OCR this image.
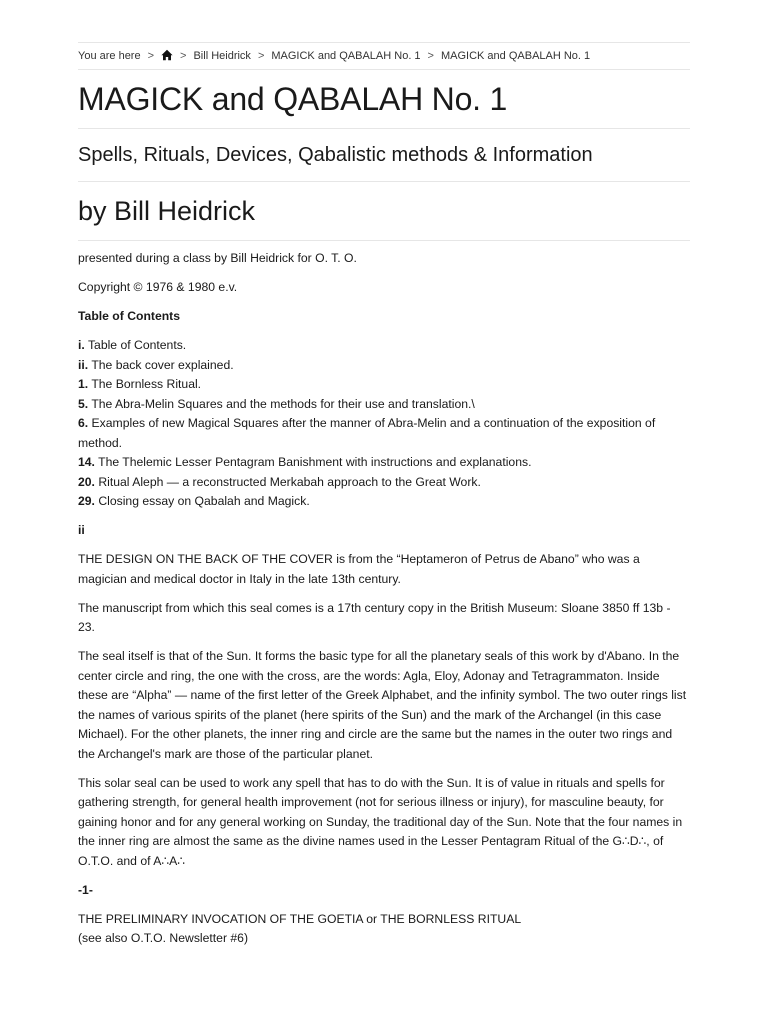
You are here > > Bill Heidrick > MAGICK and QABALAH No. 1 > MAGICK and QABALAH No. 1
MAGICK and QABALAH No. 1
Spells, Rituals, Devices, Qabalistic methods & Information
by Bill Heidrick

presented during a class by Bill Heidrick for O. T. O.

Copyright © 1976 & 1980 e.v.

Table of Contents

i. Table of Contents.
ii. The back cover explained.
1. The Bornless Ritual.
5. The Abra-Melin Squares and the methods for their use and translation.\
6. Examples of new Magical Squares after the manner of Abra-Melin and a continuation of the exposition of method.
14. The Thelemic Lesser Pentagram Banishment with instructions and explanations.
20. Ritual Aleph — a reconstructed Merkabah approach to the Great Work.
29. Closing essay on Qabalah and Magick.

ii

THE DESIGN ON THE BACK OF THE COVER is from the “Heptameron of Petrus de Abano” who was a magician and medical doctor in Italy in the late 13th century.

The manuscript from which this seal comes is a 17th century copy in the British Museum: Sloane 3850 ff 13b - 23.

The seal itself is that of the Sun. It forms the basic type for all the planetary seals of this work by d'Abano. In the center circle and ring, the one with the cross, are the words: Agla, Eloy, Adonay and Tetragrammaton. Inside these are “Alpha” — name of the first letter of the Greek Alphabet, and the infinity symbol. The two outer rings list the names of various spirits of the planet (here spirits of the Sun) and the mark of the Archangel (in this case Michael). For the other planets, the inner ring and circle are the same but the names in the outer two rings and the Archangel's mark are those of the particular planet.

This solar seal can be used to work any spell that has to do with the Sun. It is of value in rituals and spells for gathering strength, for general health improvement (not for serious illness or injury), for masculine beauty, for gaining honor and for any general working on Sunday, the traditional day of the Sun. Note that the four names in the inner ring are almost the same as the divine names used in the Lesser Pentagram Ritual of the G∴D∴, of O.T.O. and of A∴A∴

-1-

THE PRELIMINARY INVOCATION OF THE GOETIA or THE BORNLESS RITUAL
(see also O.T.O. Newsletter #6)
